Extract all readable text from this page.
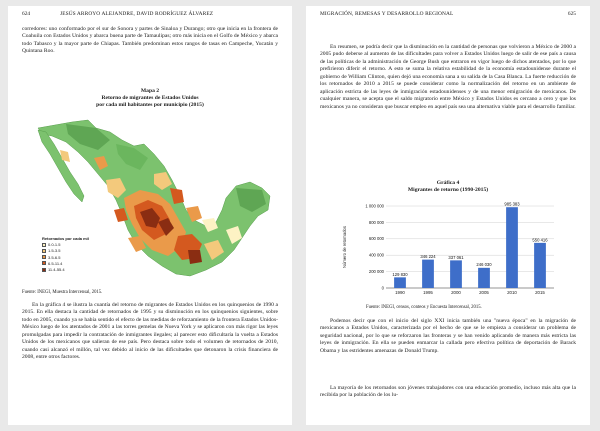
624	JESÚS ARROYO ALEJANDRE, DAVID RODRÍGUEZ ÁLVAREZ

corredores: uno conformado por el sur de Sonora y partes de Sinaloa y Durango; otro que inicia en la frontera de Coahuila con Estados Unidos y abarca buena parte de Tamaulipas; otro más inicia en el Golfo de México y abarca todo Tabasco y la mayor parte de Chiapas. También predominan estos rangos de tasas en Campeche, Yucatán y Quintana Roo.

Mapa 2
Retorno de migrantes de Estados Unidos
por cada mil habitantes por municipio (2015)
Retornados por cada mil
0.0-1.5
1.5-3.5
3.5-6.5
6.5-11.4
11.4-55.4

Fuente: INEGI, Muestra Intercensal, 2015.

En la gráfica 4 se ilustra la cuantía del retorno de migrantes de Estados Unidos en los quinquenios de 1990 a 2015. En ella destaca la cantidad de retornados de 1995 y su disminución en los quinquenios siguientes, sobre todo en 2005, cuando ya se había sentido el efecto de las medidas de reforzamiento de la frontera Estados Unidos-México luego de los atentados de 2001 a las torres gemelas de Nueva York y se aplicaron con más rigor las leyes promulgadas para impedir la contratación de inmigrantes ilegales; al parecer esto dificultaría la vuelta a Estados Unidos de los mexicanos que salieran de ese país. Pero destaca sobre todo el volumen de retornados de 2010, cuando casi alcanzó el millón, tal vez debido al inicio de las dificultades que detonaron la crisis financiera de 2008, entre otros factores.

MIGRACIÓN, REMESAS Y DESARROLLO REGIONAL	625

En resumen, se podría decir que la disminución en la cantidad de personas que volvieron a México de 2000 a 2005 pudo deberse al aumento de las dificultades para volver a Estados Unidos luego de salir de ese país a causa de las políticas de la administración de George Bush que entraron en vigor luego de dichos atentados, por lo que prefirieron diferir el retorno. A esto se suma la relativa estabilidad de la economía estadounidense durante el gobierno de William Clinton, quien dejó una economía sana a su salida de la Casa Blanca. La fuerte reducción de los retornados de 2010 a 2015 se puede considerar como la normalización del retorno en un ambiente de aplicación estricta de las leyes de inmigración estadounidenses y de una menor emigración de mexicanos. De cualquier manera, se acepta que el saldo migratorio entre México y Estados Unidos es cercano a cero y que los mexicanos ya no consideran que buscar empleo en aquel país sea una alternativa viable para el desarrollo familiar.

Gráfica 4
Migrantes de retorno (1990-2015)
0
200 000
400 000
600 000
800 000
1 000 000
Número de retornados
129 830
1990
346 224
1995
337 061
2000
246 030
2005
985 383
2010
550 416
2015

Fuente: INEGI, censos, conteos y Encuesta Intercensal, 2015.

Podemos decir que con el inicio del siglo XXI inicia también una "nueva época" en la migración de mexicanos a Estados Unidos, caracterizada por el hecho de que se le empieza a considerar un problema de seguridad nacional, por lo que se reforzaron las fronteras y se han venido aplicando de manera más estricta las leyes de inmigración. En ella se pueden enmarcar la callada pero efectiva política de deportación de Barack Obama y las estridentes amenazas de Donald Trump.

La mayoría de los retornados son jóvenes trabajadores con una educación promedio, incluso más alta que la recibida por la población de los lu-
